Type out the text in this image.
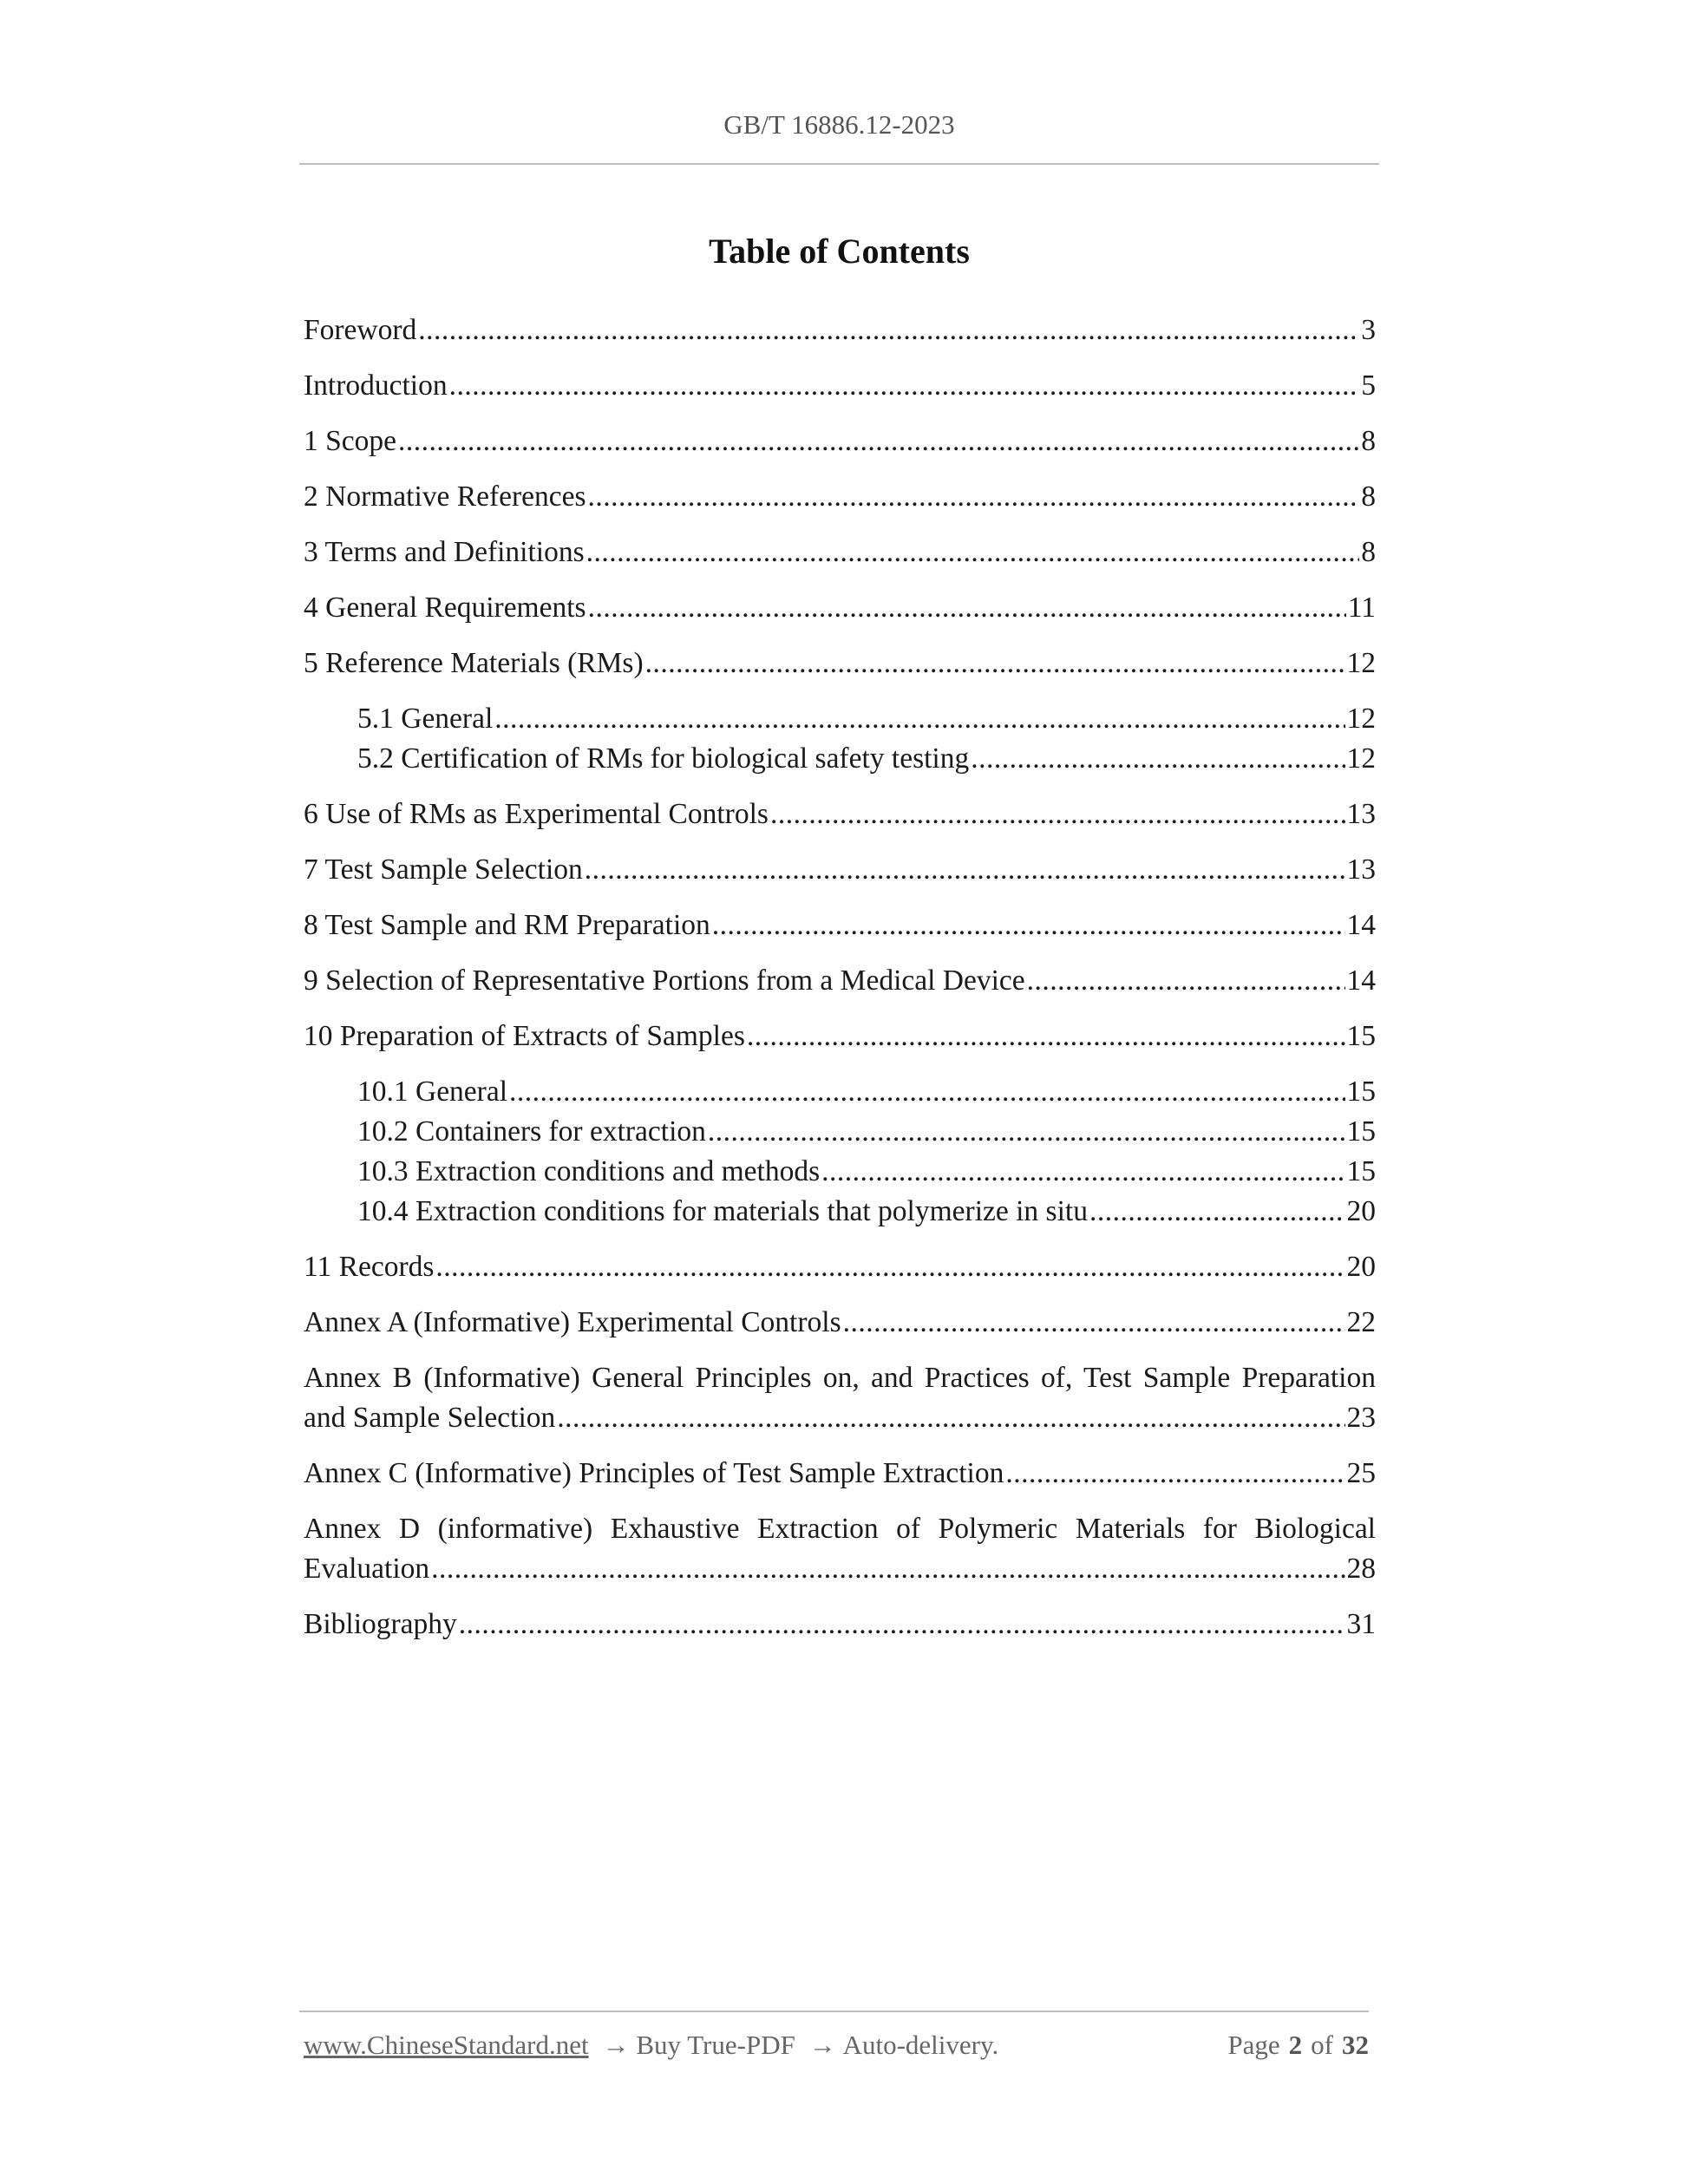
GB/T 16886.12-2023
Table of Contents
Foreword .....	3
Introduction .....	5
1 Scope .....	8
2 Normative References .....	8
3 Terms and Definitions .....	8
4 General Requirements .....	11
5 Reference Materials (RMs) .....	12
5.1 General .....	12
5.2 Certification of RMs for biological safety testing .....	12
6 Use of RMs as Experimental Controls .....	13
7 Test Sample Selection .....	13
8 Test Sample and RM Preparation .....	14
9 Selection of Representative Portions from a Medical Device .....	14
10 Preparation of Extracts of Samples .....	15
10.1 General .....	15
10.2 Containers for extraction .....	15
10.3 Extraction conditions and methods .....	15
10.4 Extraction conditions for materials that polymerize in situ .....	20
11 Records .....	20
Annex A (Informative) Experimental Controls .....	22
Annex B (Informative) General Principles on, and Practices of, Test Sample Preparation
and Sample Selection .....	23
Annex C (Informative) Principles of Test Sample Extraction .....	25
Annex D (informative) Exhaustive Extraction of Polymeric Materials for Biological
Evaluation .....	28
Bibliography .....	31
www.ChineseStandard.net → Buy True-PDF → Auto-delivery.	Page 2 of 32
